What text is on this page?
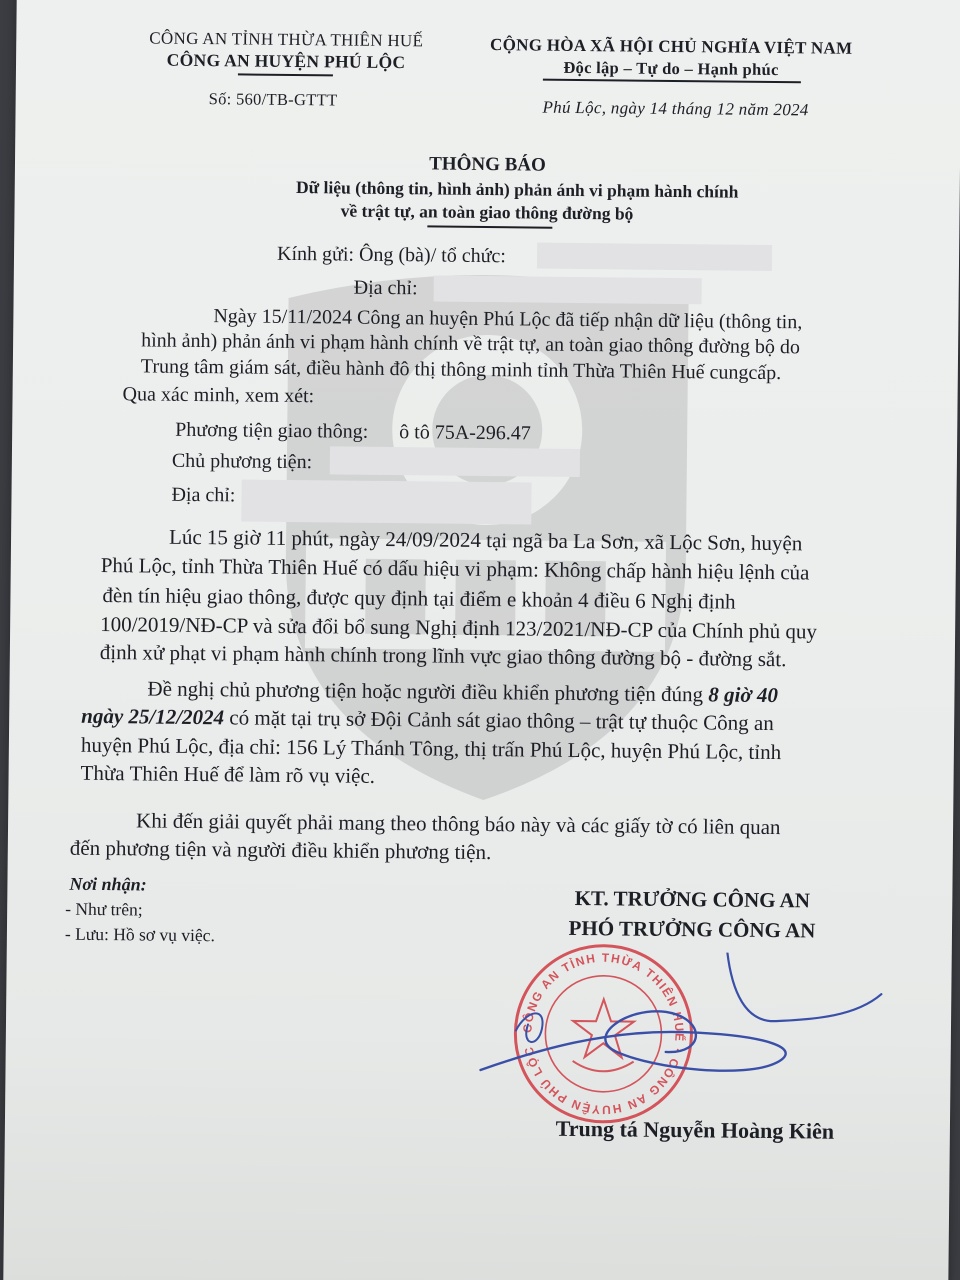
CÔNG AN TỈNH THỪA THIÊN HUẾ
CÔNG AN HUYỆN PHÚ LỘC
Số: 560/TB-GTTT
CỘNG HÒA XÃ HỘI CHỦ NGHĨA VIỆT NAM
Độc lập – Tự do – Hạnh phúc
Phú Lộc, ngày 14 tháng 12 năm 2024
THÔNG BÁO
Dữ liệu (thông tin, hình ảnh) phản ánh vi phạm hành chính
về trật tự, an toàn giao thông đường bộ
Kính gửi: Ông (bà)/ tổ chức:
Địa chỉ:
Ngày 15/11/2024 Công an huyện Phú Lộc đã tiếp nhận dữ liệu (thông tin,
hình ảnh) phản ánh vi phạm hành chính về trật tự, an toàn giao thông đường bộ do
Trung tâm giám sát, điều hành đô thị thông minh tỉnh Thừa Thiên Huế cungcấp.
Qua xác minh, xem xét:
Phương tiện giao thông: ô tô 75A-296.47
Chủ phương tiện:
Địa chỉ:
Lúc 15 giờ 11 phút, ngày 24/09/2024 tại ngã ba La Sơn, xã Lộc Sơn, huyện
Phú Lộc, tỉnh Thừa Thiên Huế có dấu hiệu vi phạm: Không chấp hành hiệu lệnh của
đèn tín hiệu giao thông, được quy định tại điểm e khoản 4 điều 6 Nghị định
100/2019/NĐ-CP và sửa đổi bổ sung Nghị định 123/2021/NĐ-CP của Chính phủ quy
định xử phạt vi phạm hành chính trong lĩnh vực giao thông đường bộ - đường sắt.
Đề nghị chủ phương tiện hoặc người điều khiển phương tiện đúng 8 giờ 40
ngày 25/12/2024 có mặt tại trụ sở Đội Cảnh sát giao thông – trật tự thuộc Công an
huyện Phú Lộc, địa chỉ: 156 Lý Thánh Tông, thị trấn Phú Lộc, huyện Phú Lộc, tỉnh
Thừa Thiên Huế để làm rõ vụ việc.
Khi đến giải quyết phải mang theo thông báo này và các giấy tờ có liên quan
đến phương tiện và người điều khiển phương tiện.
Nơi nhận:
- Như trên;
- Lưu: Hồ sơ vụ việc.
KT. TRƯỞNG CÔNG AN
PHÓ TRƯỞNG CÔNG AN
CÔNG AN TỈNH THỪA THIÊN HUẾ · CÔNG AN HUYỆN PHÚ LỘC ·
Trung tá Nguyễn Hoàng Kiên
